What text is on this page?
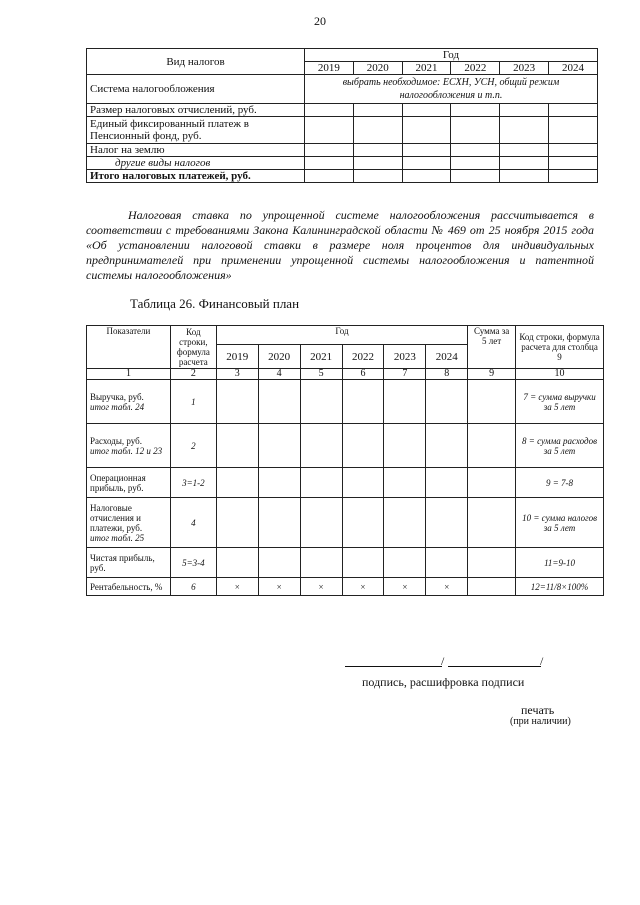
20
Вид налогов	Год					
	2019	2020	2021	2022	2023	2024
Система налогообложения	выбрать необходимое: ЕСХН, УСН, общий режим налогообложения и т.п.					
Размер налоговых отчислений, руб.						
Единый фиксированный платеж в Пенсионный фонд, руб.						
Налог на землю						
другие виды налогов						
Итого налоговых платежей, руб.						

Налоговая ставка по упрощенной системе налогообложения рассчитывается в соответствии с требованиями Закона Калининградской области № 469 от 25 ноября 2015 года «Об установлении налоговой ставки в размере ноля процентов для индивидуальных предпринимателей при применении упрощенной системы налогообложения и патентной системы налогообложения»

Таблица 26. Финансовый план
Показатели	Код строки, формула расчета	Год						Сумма за 5 лет	Код строки, формула расчета для столбца 9
		2019	2020	2021	2022	2023	2024		
1	2	3	4	5	6	7	8	9	10

Выручка, руб.
итог табл. 24	1								7 = сумма выручки за 5 лет

Расходы, руб.
итог табл. 12 и 23	2								8 = сумма расходов за 5 лет
Операционная прибыль, руб.	3=1-2								9 = 7-8

Налоговые отчисления и платежи, руб.
итог табл. 25	4								10 = сумма налогов за 5 лет
Чистая прибыль, руб.	5=3-4								11=9-10
Рентабельность, %	6	×	×	×	×	×	×		12=11/8×100%
/	/
подпись, расшифровка подписи
печать
(при наличии)
